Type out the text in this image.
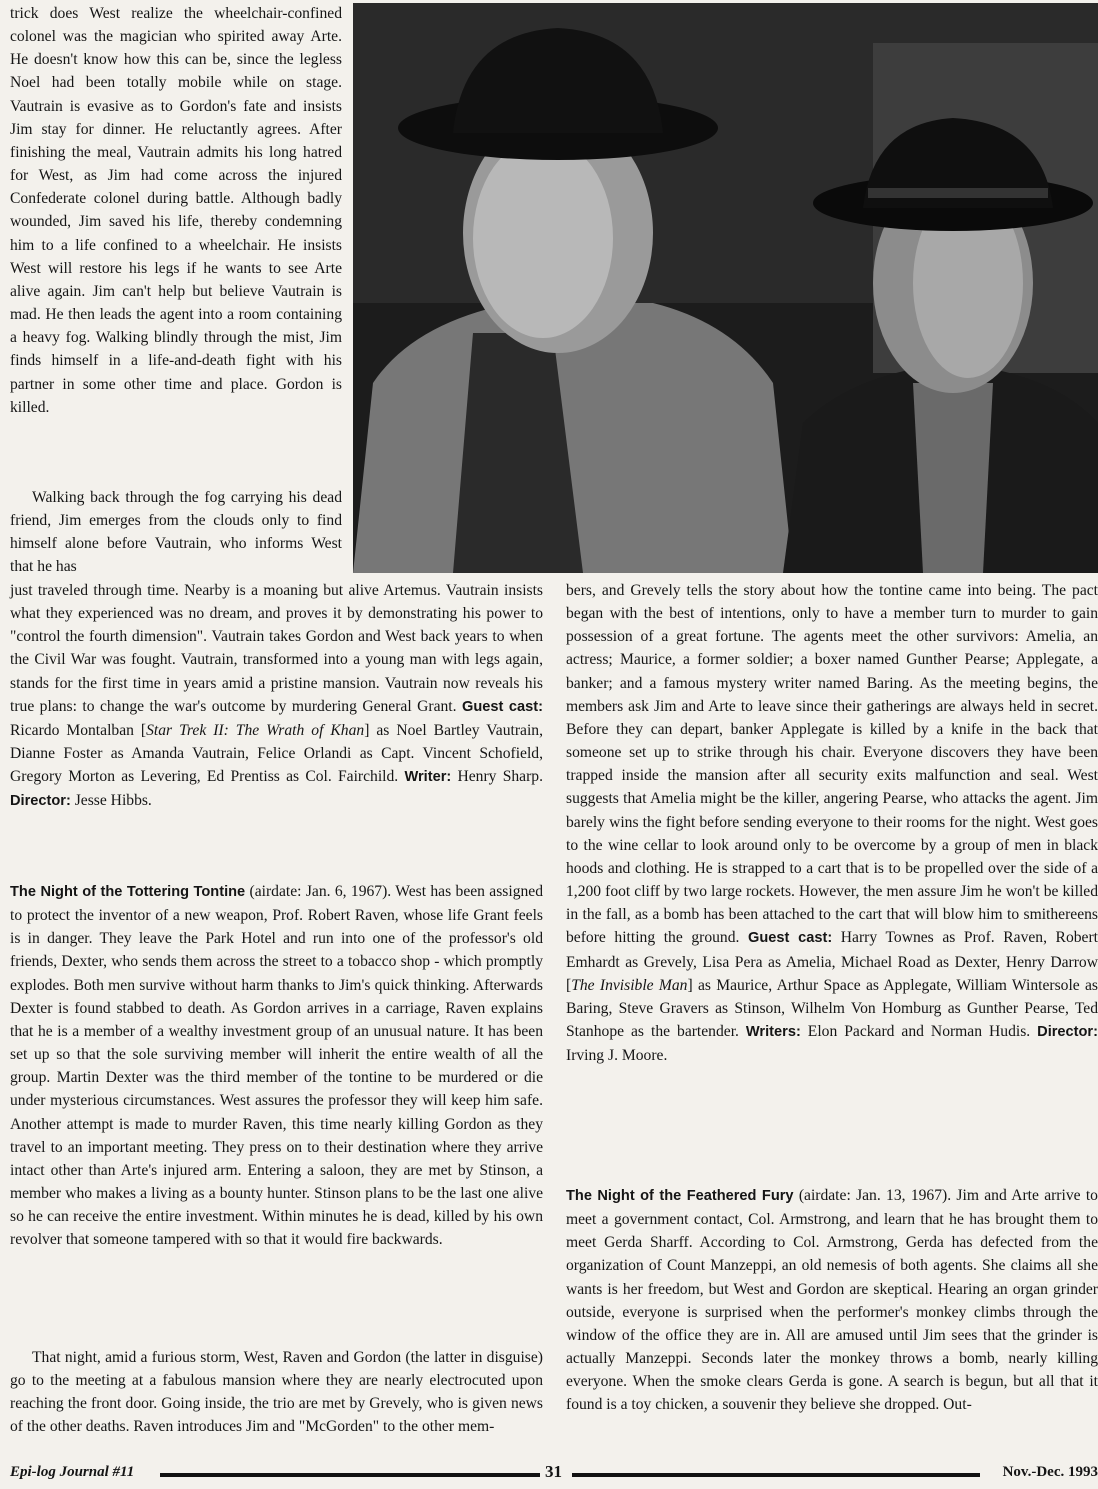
trick does West realize the wheelchair-confined colonel was the magician who spirited away Arte. He doesn't know how this can be, since the legless Noel had been totally mobile while on stage. Vautrain is evasive as to Gordon's fate and insists Jim stay for dinner. He reluctantly agrees. After finishing the meal, Vautrain admits his long hatred for West, as Jim had come across the injured Confederate colonel during battle. Although badly wounded, Jim saved his life, thereby condemning him to a life confined to a wheelchair. He insists West will restore his legs if he wants to see Arte alive again. Jim can't help but believe Vautrain is mad. He then leads the agent into a room containing a heavy fog. Walking blindly through the mist, Jim finds himself in a life-and-death fight with his partner in some other time and place. Gordon is killed.

Walking back through the fog carrying his dead friend, Jim emerges from the clouds only to find himself alone before Vautrain, who informs West that he has

just traveled through time. Nearby is a moaning but alive Artemus. Vautrain insists what they experienced was no dream, and proves it by demonstrating his power to "control the fourth dimension". Vautrain takes Gordon and West back years to when the Civil War was fought. Vautrain, transformed into a young man with legs again, stands for the first time in years amid a pristine mansion. Vautrain now reveals his true plans: to change the war's outcome by murdering General Grant. Guest cast: Ricardo Montalban [Star Trek II: The Wrath of Khan] as Noel Bartley Vautrain, Dianne Foster as Amanda Vautrain, Felice Orlandi as Capt. Vincent Schofield, Gregory Morton as Levering, Ed Prentiss as Col. Fairchild. Writer: Henry Sharp. Director: Jesse Hibbs.
The Night of the Tottering Tontine (airdate: Jan. 6, 1967). West has been assigned to protect the inventor of a new weapon, Prof. Robert Raven, whose life Grant feels is in danger. They leave the Park Hotel and run into one of the professor's old friends, Dexter, who sends them across the street to a tobacco shop - which promptly explodes. Both men survive without harm thanks to Jim's quick thinking. Afterwards Dexter is found stabbed to death. As Gordon arrives in a carriage, Raven explains that he is a member of a wealthy investment group of an unusual nature. It has been set up so that the sole surviving member will inherit the entire wealth of all the group. Martin Dexter was the third member of the tontine to be murdered or die under mysterious circumstances. West assures the professor they will keep him safe. Another attempt is made to murder Raven, this time nearly killing Gordon as they travel to an important meeting. They press on to their destination where they arrive intact other than Arte's injured arm. Entering a saloon, they are met by Stinson, a member who makes a living as a bounty hunter. Stinson plans to be the last one alive so he can receive the entire investment. Within minutes he is dead, killed by his own revolver that someone tampered with so that it would fire backwards.

That night, amid a furious storm, West, Raven and Gordon (the latter in disguise) go to the meeting at a fabulous mansion where they are nearly electrocuted upon reaching the front door. Going inside, the trio are met by Grevely, who is given news of the other deaths. Raven introduces Jim and "McGorden" to the other mem-

bers, and Grevely tells the story about how the tontine came into being. The pact began with the best of intentions, only to have a member turn to murder to gain possession of a great fortune. The agents meet the other survivors: Amelia, an actress; Maurice, a former soldier; a boxer named Gunther Pearse; Applegate, a banker; and a famous mystery writer named Baring. As the meeting begins, the members ask Jim and Arte to leave since their gatherings are always held in secret. Before they can depart, banker Applegate is killed by a knife in the back that someone set up to strike through his chair. Everyone discovers they have been trapped inside the mansion after all security exits malfunction and seal. West suggests that Amelia might be the killer, angering Pearse, who attacks the agent. Jim barely wins the fight before sending everyone to their rooms for the night. West goes to the wine cellar to look around only to be overcome by a group of men in black hoods and clothing. He is strapped to a cart that is to be propelled over the side of a 1,200 foot cliff by two large rockets. However, the men assure Jim he won't be killed in the fall, as a bomb has been attached to the cart that will blow him to smithereens before hitting the ground. Guest cast: Harry Townes as Prof. Raven, Robert Emhardt as Grevely, Lisa Pera as Amelia, Michael Road as Dexter, Henry Darrow [The Invisible Man] as Maurice, Arthur Space as Applegate, William Wintersole as Baring, Steve Gravers as Stinson, Wilhelm Von Homburg as Gunther Pearse, Ted Stanhope as the bartender. Writers: Elon Packard and Norman Hudis. Director: Irving J. Moore.
The Night of the Feathered Fury (airdate: Jan. 13, 1967). Jim and Arte arrive to meet a government contact, Col. Armstrong, and learn that he has brought them to meet Gerda Sharff. According to Col. Armstrong, Gerda has defected from the organization of Count Manzeppi, an old nemesis of both agents. She claims all she wants is her freedom, but West and Gordon are skeptical. Hearing an organ grinder outside, everyone is surprised when the performer's monkey climbs through the window of the office they are in. All are amused until Jim sees that the grinder is actually Manzeppi. Seconds later the monkey throws a bomb, nearly killing everyone. When the smoke clears Gerda is gone. A search is begun, but all that it found is a toy chicken, a souvenir they believe she dropped. Out-
Epi-log Journal #11	31	Nov.-Dec. 1993
